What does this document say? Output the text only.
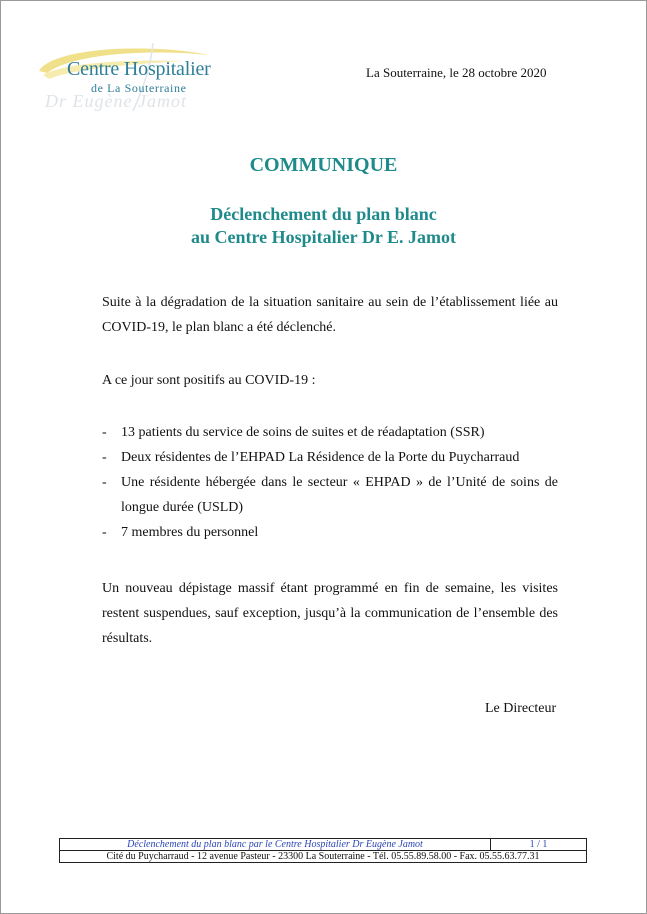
Centre Hospitalier
de La Souterraine
Dr Eugène Jamot
La Souterraine, le 28 octobre 2020
COMMUNIQUE
Déclenchement du plan blanc
au Centre Hospitalier Dr E. Jamot
Suite à la dégradation de la situation sanitaire au sein de l’établissement liée au COVID-19, le plan blanc a été déclenché.
A ce jour sont positifs au COVID-19 :
- 13 patients du service de soins de suites et de réadaptation (SSR)
- Deux résidentes de l’EHPAD La Résidence de la Porte du Puycharraud
- Une résidente hébergée dans le secteur « EHPAD » de l’Unité de soins de longue durée (USLD)
- 7 membres du personnel
Un nouveau dépistage massif étant programmé en fin de semaine, les visites restent suspendues, sauf exception, jusqu’à la communication de l’ensemble des résultats.
Le Directeur
Déclenchement du plan blanc par le Centre Hospitalier Dr Eugène Jamot	1 / 1
Cité du Puycharraud - 12 avenue Pasteur - 23300 La Souterraine - Tél. 05.55.89.58.00 - Fax. 05.55.63.77.31
